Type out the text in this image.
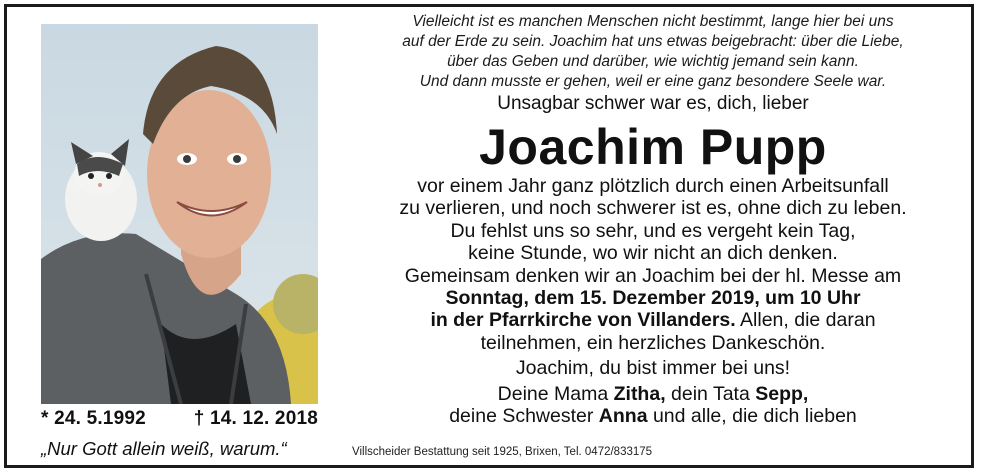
* 24. 5.1992	† 14. 12. 2018
„Nur Gott allein weiß, warum.“
Vielleicht ist es manchen Menschen nicht bestimmt, lange hier bei uns
auf der Erde zu sein. Joachim hat uns etwas beigebracht: über die Liebe,
über das Geben und darüber, wie wichtig jemand sein kann.
Und dann musste er gehen, weil er eine ganz besondere Seele war.
Unsagbar schwer war es, dich, lieber
Joachim Pupp
vor einem Jahr ganz plötzlich durch einen Arbeitsunfall
zu verlieren, und noch schwerer ist es, ohne dich zu leben.
Du fehlst uns so sehr, und es vergeht kein Tag,
keine Stunde, wo wir nicht an dich denken.
Gemeinsam denken wir an Joachim bei der hl. Messe am
Sonntag, dem 15. Dezember 2019, um 10 Uhr
in der Pfarrkirche von Villanders. Allen, die daran
teilnehmen, ein herzliches Dankeschön.
Joachim, du bist immer bei uns!
Deine Mama Zitha, dein Tata Sepp,
deine Schwester Anna und alle, die dich lieben
Villscheider Bestattung seit 1925, Brixen, Tel. 0472/833175
